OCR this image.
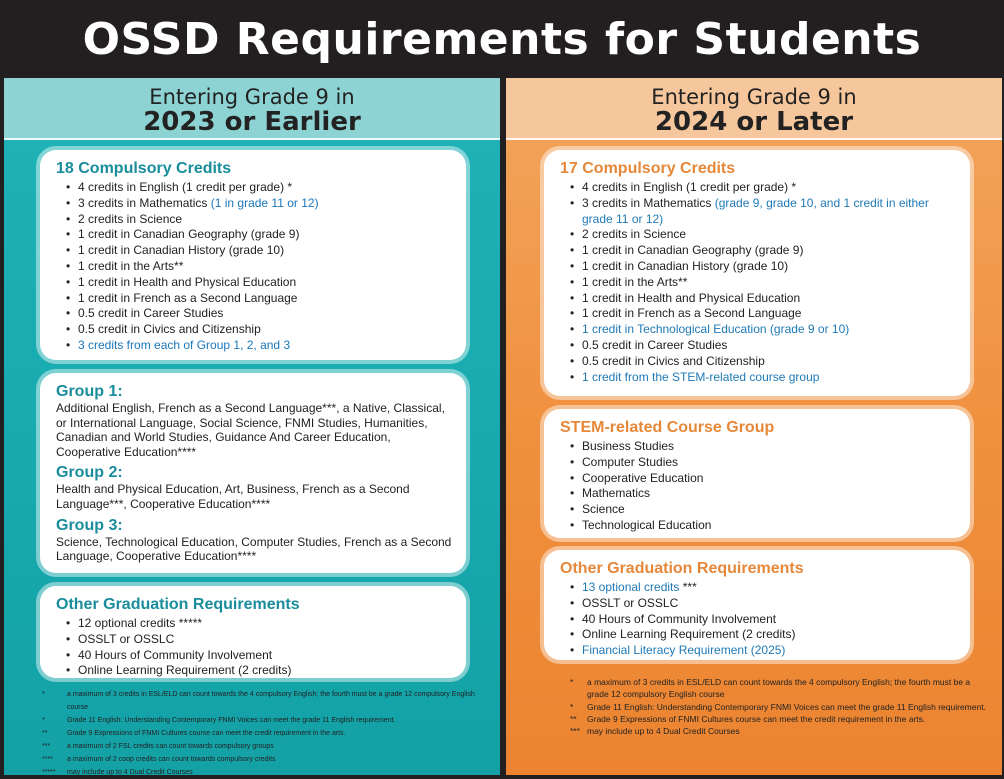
OSSD Requirements for Students
Entering Grade 9 in
2023 or Earlier
18 Compulsory Credits
• 4 credits in English (1 credit per grade) *
• 3 credits in Mathematics (1 in grade 11 or 12)
• 2 credits in Science
• 1 credit in Canadian Geography (grade 9)
• 1 credit in Canadian History (grade 10)
• 1 credit in the Arts**
• 1 credit in Health and Physical Education
• 1 credit in French as a Second Language
• 0.5 credit in Career Studies
• 0.5 credit in Civics and Citizenship
• 3 credits from each of Group 1, 2, and 3
Group 1:
Additional English, French as a Second Language***, a Native, Classical, or International Language, Social Science, FNMI Studies, Humanities, Canadian and World Studies, Guidance And Career Education, Cooperative Education****
Group 2:
Health and Physical Education, Art, Business, French as a Second Language***, Cooperative Education****
Group 3:
Science, Technological Education, Computer Studies, French as a Second Language, Cooperative Education****
Other Graduation Requirements
• 12 optional credits *****
• OSSLT or OSSLC
• 40 Hours of Community Involvement
• Online Learning Requirement (2 credits)
*	a maximum of 3 credits in ESL/ELD can count towards the 4 compulsory English; the fourth must be a grade 12 compulsory English course
*	Grade 11 English: Understanding Contemporary FNMI Voices can meet the grade 11 English requirement.
**	Grade 9 Expressions of FNMI Cultures course can meet the credit requirement in the arts.
***	a maximum of 2 FSL credits can count towards compulsory groups
****	a maximum of 2 coop credits can count towards compulsory credits
*****	may include up to 4 Dual Credit Courses
Entering Grade 9 in
2024 or Later
17 Compulsory Credits
• 4 credits in English (1 credit per grade) *
• 3 credits in Mathematics (grade 9, grade 10, and 1 credit in either grade 11 or 12)
• 2 credits in Science
• 1 credit in Canadian Geography (grade 9)
• 1 credit in Canadian History (grade 10)
• 1 credit in the Arts**
• 1 credit in Health and Physical Education
• 1 credit in French as a Second Language
• 1 credit in Technological Education (grade 9 or 10)
• 0.5 credit in Career Studies
• 0.5 credit in Civics and Citizenship
• 1 credit from the STEM-related course group
STEM-related Course Group
• Business Studies
• Computer Studies
• Cooperative Education
• Mathematics
• Science
• Technological Education
Other Graduation Requirements
• 13 optional credits ***
• OSSLT or OSSLC
• 40 Hours of Community Involvement
• Online Learning Requirement (2 credits)
• Financial Literacy Requirement (2025)
*	a maximum of 3 credits in ESL/ELD can count towards the 4 compulsory English; the fourth must be a grade 12 compulsory English course
*	Grade 11 English: Understanding Contemporary FNMI Voices can meet the grade 11 English requirement.
**	Grade 9 Expressions of FNMI Cultures course can meet the credit requirement in the arts.
*** may include up to 4 Dual Credit Courses
